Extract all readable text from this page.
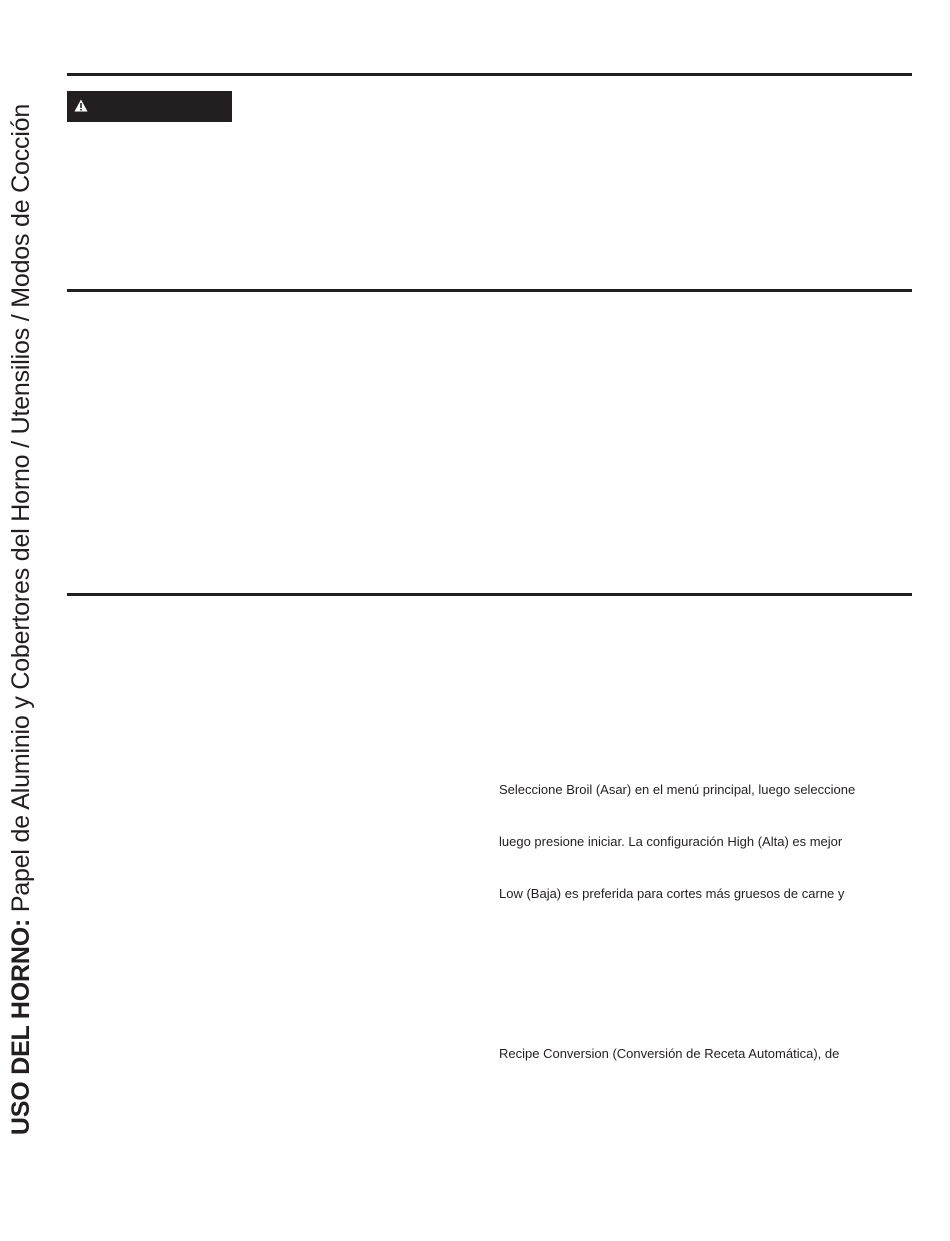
USO DEL HORNO: Papel de Aluminio y Cobertores del Horno / Utensilios / Modos de Cocción	Seleccione Broil (Asar) en el menú principal, luego seleccione
luego presione iniciar. La configuración High (Alta) es mejor
Low (Baja) es preferida para cortes más gruesos de carne y
Recipe Conversion (Conversión de Receta Automática), de
